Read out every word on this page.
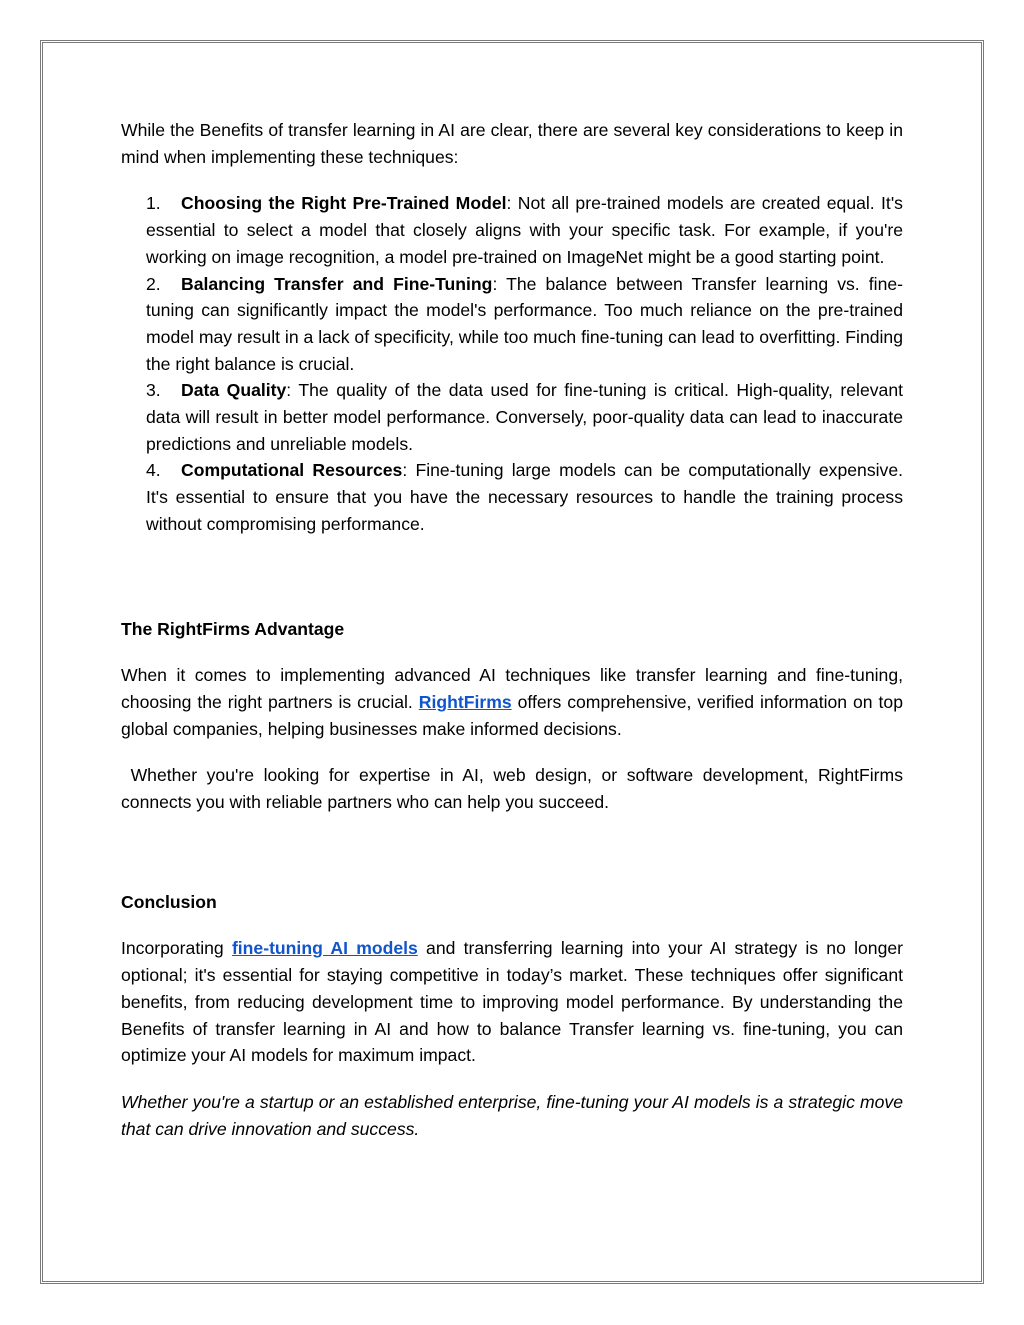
While the Benefits of transfer learning in AI are clear, there are several key considerations to keep in mind when implementing these techniques:

1. Choosing the Right Pre-Trained Model: Not all pre-trained models are created equal. It's essential to select a model that closely aligns with your specific task. For example, if you're working on image recognition, a model pre-trained on ImageNet might be a good starting point.
2. Balancing Transfer and Fine-Tuning: The balance between Transfer learning vs. fine-tuning can significantly impact the model's performance. Too much reliance on the pre-trained model may result in a lack of specificity, while too much fine-tuning can lead to overfitting. Finding the right balance is crucial.
3. Data Quality: The quality of the data used for fine-tuning is critical. High-quality, relevant data will result in better model performance. Conversely, poor-quality data can lead to inaccurate predictions and unreliable models.
4. Computational Resources: Fine-tuning large models can be computationally expensive. It's essential to ensure that you have the necessary resources to handle the training process without compromising performance.

The RightFirms Advantage

When it comes to implementing advanced AI techniques like transfer learning and fine-tuning, choosing the right partners is crucial. RightFirms offers comprehensive, verified information on top global companies, helping businesses make informed decisions.

Whether you're looking for expertise in AI, web design, or software development, RightFirms connects you with reliable partners who can help you succeed.

Conclusion

Incorporating fine-tuning AI models and transferring learning into your AI strategy is no longer optional; it's essential for staying competitive in today’s market. These techniques offer significant benefits, from reducing development time to improving model performance. By understanding the Benefits of transfer learning in AI and how to balance Transfer learning vs. fine-tuning, you can optimize your AI models for maximum impact.

Whether you're a startup or an established enterprise, fine-tuning your AI models is a strategic move that can drive innovation and success.
